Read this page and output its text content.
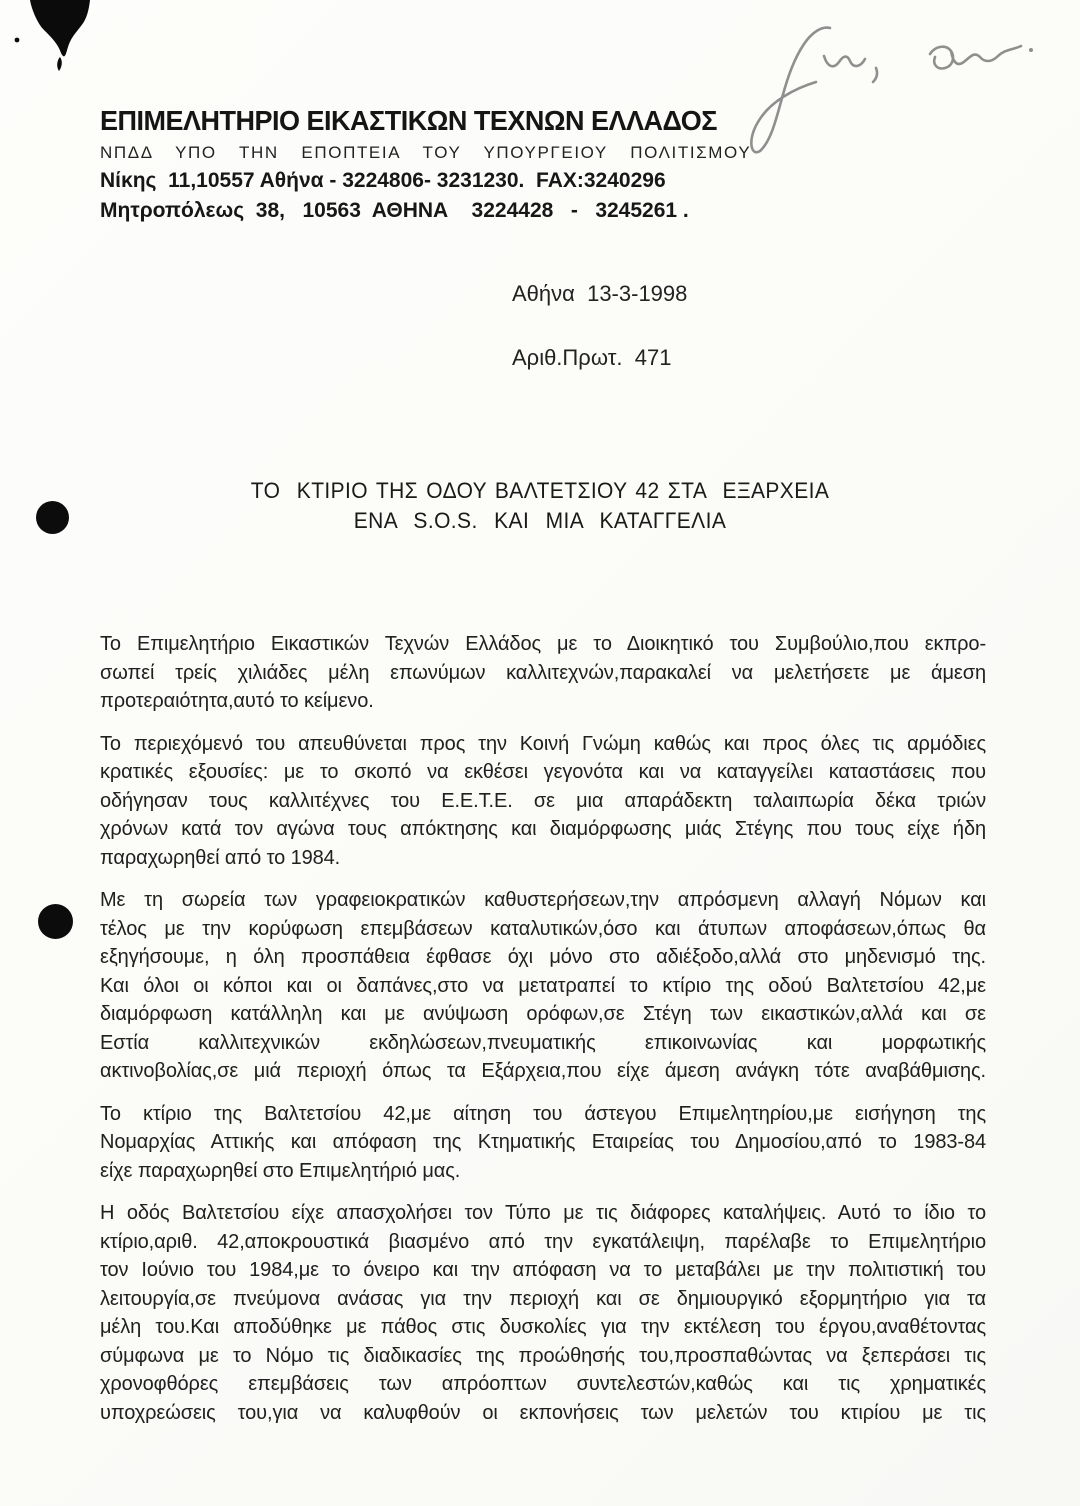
ΕΠΙΜΕΛΗΤΗΡΙΟ ΕΙΚΑΣΤΙΚΩΝ ΤΕΧΝΩΝ ΕΛΛΑΔΟΣ
ΝΠΔΔ  ΥΠΟ  ΤΗΝ  ΕΠΟΠΤΕΙΑ  ΤΟΥ  ΥΠΟΥΡΓΕΙΟΥ  ΠΟΛΙΤΙΣΜΟΥ
Νίκης  11,10557 Αθήνα - 3224806- 3231230.  FAX:3240296
Μητροπόλεως  38,   10563  ΑΘΗΝΑ    3224428   -   3245261 .
Αθήνα  13-3-1998
Αριθ.Πρωτ.  471
ΤΟ  ΚΤΙΡΙΟ ΤΗΣ ΟΔΟΥ ΒΑΛΤΕΤΣΙΟΥ 42 ΣΤΑ  ΕΞΑΡΧΕΙΑ
ΕΝΑ  S.O.S.  ΚΑΙ  ΜΙΑ  ΚΑΤΑΓΓΕΛΙΑ
Το Επιμελητήριο Εικαστικών Τεχνών Ελλάδος με το Διοικητικό του Συμβούλιο,που εκπρο-
σωπεί τρείς χιλιάδες μέλη επωνύμων καλλιτεχνών,παρακαλεί να μελετήσετε με άμεση
προτεραιότητα,αυτό το κείμενο.
Το περιεχόμενό του απευθύνεται προς την Κοινή Γνώμη καθώς και προς όλες τις αρμόδιες
κρατικές εξουσίες: με το σκοπό να εκθέσει γεγονότα και να καταγγείλει καταστάσεις που
οδήγησαν τους καλλιτέχνες του Ε.Ε.Τ.Ε. σε μια απαράδεκτη ταλαιπωρία δέκα τριών
χρόνων κατά τον αγώνα τους απόκτησης και διαμόρφωσης μιάς Στέγης που τους είχε ήδη
παραχωρηθεί από το 1984.
Με τη σωρεία των γραφειοκρατικών καθυστερήσεων,την απρόσμενη αλλαγή Νόμων και
τέλος με την κορύφωση επεμβάσεων καταλυτικών,όσο και άτυπων αποφάσεων,όπως θα
εξηγήσουμε, η όλη προσπάθεια έφθασε όχι μόνο στο αδιέξοδο,αλλά στο μηδενισμό της.
Και όλοι οι κόποι και οι δαπάνες,στο να μετατραπεί το κτίριο της οδού Βαλτετσίου 42,με
διαμόρφωση κατάλληλη και με ανύψωση ορόφων,σε Στέγη των εικαστικών,αλλά και σε
Εστία καλλιτεχνικών εκδηλώσεων,πνευματικής επικοινωνίας και μορφωτικής
ακτινοβολίας,σε μιά περιοχή όπως τα Εξάρχεια,που είχε άμεση ανάγκη τότε αναβάθμισης.
Το κτίριο της Βαλτετσίου 42,με αίτηση του άστεγου Επιμελητηρίου,με εισήγηση της
Νομαρχίας Αττικής και απόφαση της Κτηματικής Εταιρείας του Δημοσίου,από το 1983-84
είχε παραχωρηθεί στο Επιμελητήριό μας.
Η οδός Βαλτετσίου είχε απασχολήσει τον Τύπο με τις διάφορες καταλήψεις. Αυτό το ίδιο το
κτίριο,αριθ. 42,αποκρουστικά βιασμένο από την εγκατάλειψη, παρέλαβε το Επιμελητήριο
τον Ιούνιο του 1984,με το όνειρο και την απόφαση να το μεταβάλει με την πολιτιστική του
λειτουργία,σε πνεύμονα ανάσας για την περιοχή και σε δημιουργικό εξορμητήριο για τα
μέλη του.Και αποδύθηκε με πάθος στις δυσκολίες για την εκτέλεση του έργου,αναθέτοντας
σύμφωνα με το Νόμο τις διαδικασίες της προώθησής του,προσπαθώντας να ξεπεράσει τις
χρονοφθόρες επεμβάσεις των απρόοπτων συντελεστών,καθώς και τις χρηματικές
υποχρεώσεις του,για να καλυφθούν οι εκπονήσεις των μελετών του κτιρίου με τις
